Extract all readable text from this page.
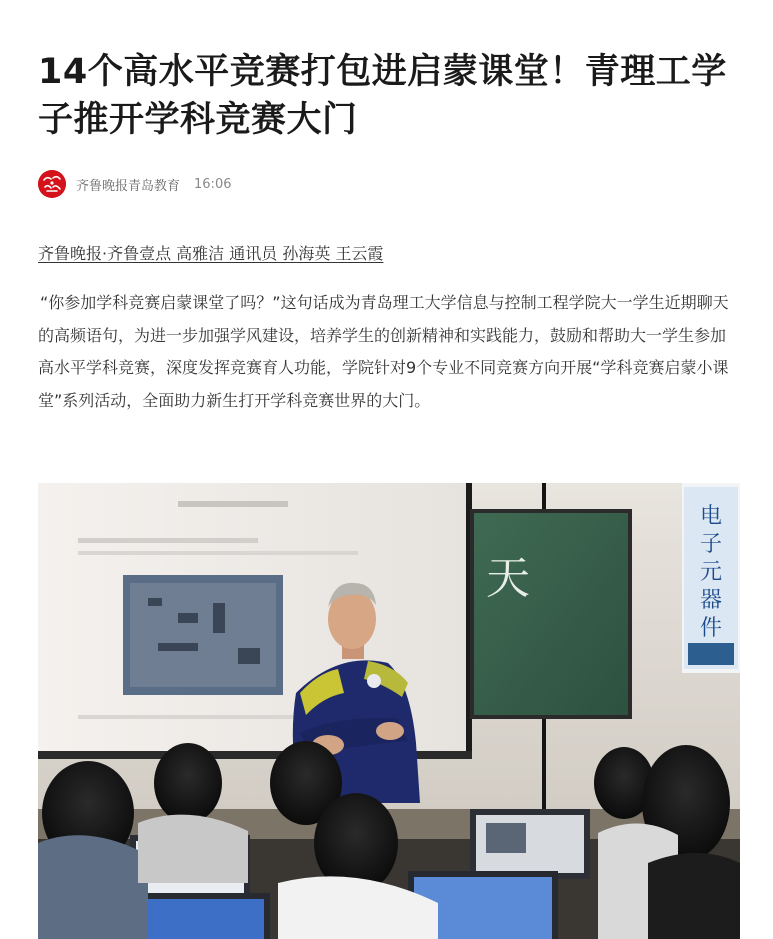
14个高水平竞赛打包进启蒙课堂！青理工学子推开学科竞赛大门
齐鲁晚报青岛教育 16:06
齐鲁晚报·齐鲁壹点 高雅洁 通讯员 孙海英 王云霞

“你参加学科竞赛启蒙课堂了吗？”这句话成为青岛理工大学信息与控制工程学院大一学生近期聊天的高频语句，为进一步加强学风建设，培养学生的创新精神和实践能力，鼓励和帮助大一学生参加高水平学科竞赛，深度发挥竞赛育人功能，学院针对9个专业不同竞赛方向开展“学科竞赛启蒙小课堂”系列活动，全面助力新生打开学科竞赛世界的大门。

天
电
子
元
器
件
